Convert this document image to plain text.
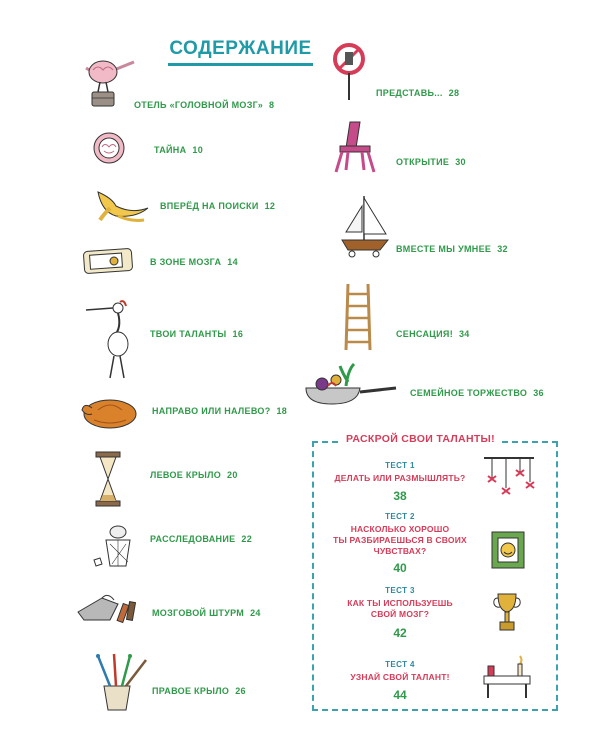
СОДЕРЖАНИЕ
ОТЕЛЬ «ГОЛОВНОЙ МОЗГ» 8
ТАЙНА 10
ВПЕРЁД НА ПОИСКИ 12
В ЗОНЕ МОЗГА 14
ТВОИ ТАЛАНТЫ 16
НАПРАВО ИЛИ НАЛЕВО? 18
ЛЕВОЕ КРЫЛО 20
РАССЛЕДОВАНИЕ 22
МОЗГОВОЙ ШТУРМ 24
ПРАВОЕ КРЫЛО 26
ПРЕДСТАВЬ... 28
ОТКРЫТИЕ 30
ВМЕСТЕ МЫ УМНЕЕ 32
СЕНСАЦИЯ! 34
СЕМЕЙНОЕ ТОРЖЕСТВО 36
РАСКРОЙ СВОИ ТАЛАНТЫ!
ТЕСТ 1
ДЕЛАТЬ ИЛИ РАЗМЫШЛЯТЬ?
38
ТЕСТ 2
НАСКОЛЬКО ХОРОШО
ТЫ РАЗБИРАЕШЬСЯ В СВОИХ
ЧУВСТВАХ?
40
ТЕСТ 3
КАК ТЫ ИСПОЛЬЗУЕШЬ
СВОЙ МОЗГ?
42
ТЕСТ 4
УЗНАЙ СВОЙ ТАЛАНТ!
44
